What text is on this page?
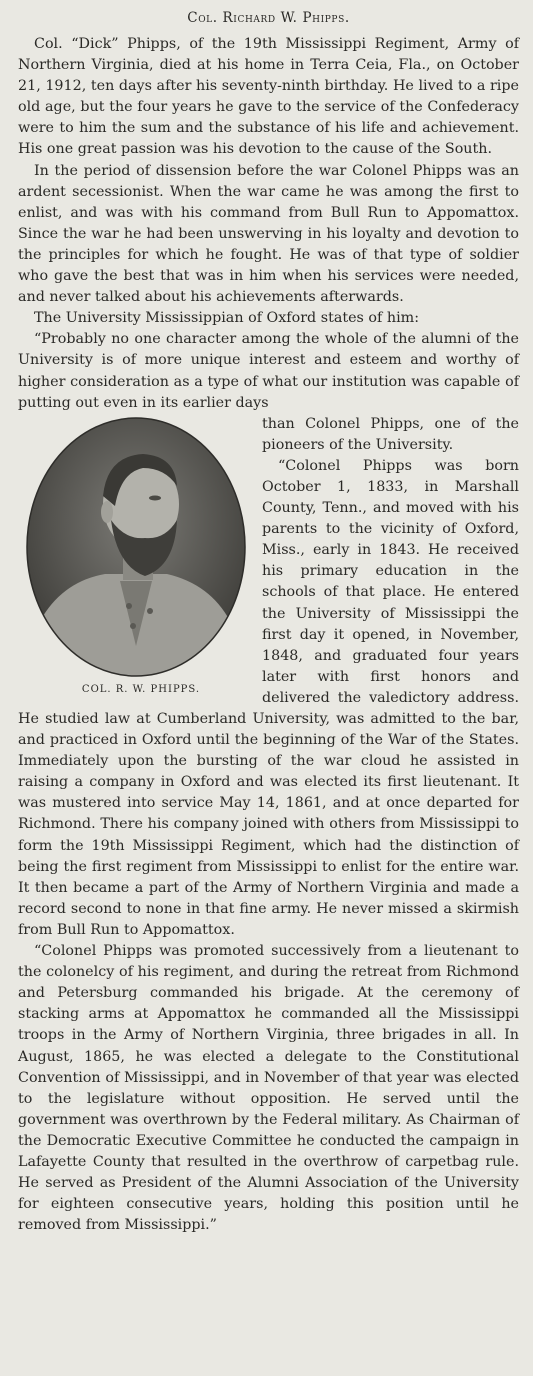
Col. Richard W. Phipps.

Col. “Dick” Phipps, of the 19th Mississippi Regiment, Army of Northern Virginia, died at his home in Terra Ceia, Fla., on October 21, 1912, ten days after his seventy-ninth birthday. He lived to a ripe old age, but the four years he gave to the service of the Confederacy were to him the sum and the substance of his life and achievement. His one great passion was his devotion to the cause of the South.

In the period of dissension before the war Colonel Phipps was an ardent secessionist. When the war came he was among the first to enlist, and was with his command from Bull Run to Appomattox. Since the war he had been unswerving in his loyalty and devotion to the principles for which he fought. He was of that type of soldier who gave the best that was in him when his services were needed, and never talked about his achievements afterwards.

The University Mississippian of Oxford states of him:

“Probably no one character among the whole of the alumni of the University is of more unique interest and esteem and worthy of higher consideration as a type of what our institution was capable of putting out even in its earlier days

COL. R. W. PHIPPS.

than Colonel Phipps, one of the pioneers of the University.

“Colonel Phipps was born October 1, 1833, in Marshall County, Tenn., and moved with his parents to the vicinity of Oxford, Miss., early in 1843. He received his primary education in the schools of that place. He entered the University of Mississippi the first day it opened, in November, 1848, and graduated four years later with first honors and delivered the valedictory address. He studied law at Cumberland University, was admitted to the bar, and practiced in Oxford until the beginning of the War of the States. Immediately upon the bursting of the war cloud he assisted in raising a company in Oxford and was elected its first lieutenant. It was mustered into service May 14, 1861, and at once departed for Richmond. There his company joined with others from Mississippi to form the 19th Mississippi Regiment, which had the distinction of being the first regiment from Mississippi to enlist for the entire war. It then became a part of the Army of Northern Virginia and made a record second to none in that fine army. He never missed a skirmish from Bull Run to Appomattox.

“Colonel Phipps was promoted successively from a lieutenant to the colonelcy of his regiment, and during the retreat from Richmond and Petersburg commanded his brigade. At the ceremony of stacking arms at Appomattox he commanded all the Mississippi troops in the Army of Northern Virginia, three brigades in all. In August, 1865, he was elected a delegate to the Constitutional Convention of Mississippi, and in November of that year was elected to the legislature without opposition. He served until the government was overthrown by the Federal military. As Chairman of the Democratic Executive Committee he conducted the campaign in Lafayette County that resulted in the overthrow of carpetbag rule. He served as President of the Alumni Association of the University for eighteen consecutive years, holding this position until he removed from Mississippi.”
